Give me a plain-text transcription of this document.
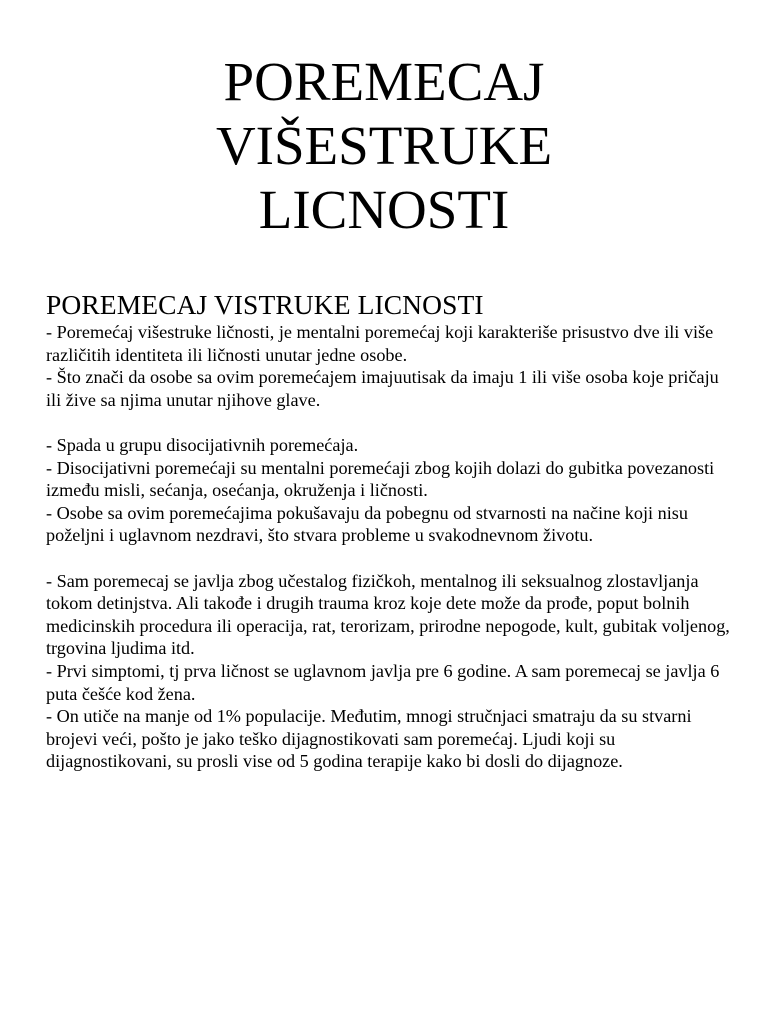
POREMECAJ
VIŠESTRUKE
LICNOSTI
POREMECAJ VISTRUKE LICNOSTI

- Poremećaj višestruke ličnosti, je mentalni poremećaj koji karakteriše prisustvo dve ili više različitih identiteta ili ličnosti unutar jedne osobe.

- Što znači da osobe sa ovim poremećajem imajuutisak da imaju 1 ili više osoba koje pričaju ili žive sa njima unutar njihove glave.

- Spada u grupu disocijativnih poremećaja.

- Disocijativni poremećaji su mentalni poremećaji zbog kojih dolazi do gubitka povezanosti između misli, sećanja, osećanja, okruženja i ličnosti.

- Osobe sa ovim poremećajima pokušavaju da pobegnu od stvarnosti na načine koji nisu poželjni i uglavnom nezdravi, što stvara probleme u svakodnevnom životu.

- Sam poremecaj se javlja zbog učestalog fizičkoh, mentalnog ili seksualnog zlostavljanja tokom detinjstva. Ali takođe i drugih trauma kroz koje dete može da prođe, poput bolnih medicinskih procedura ili operacija, rat, terorizam, prirodne nepogode, kult, gubitak voljenog, trgovina ljudima itd.

- Prvi simptomi, tj prva ličnost se uglavnom javlja pre 6 godine. A sam poremecaj se javlja 6 puta češće kod žena.

- On utiče na manje od 1% populacije. Međutim, mnogi stručnjaci smatraju da su stvarni brojevi veći, pošto je jako teško dijagnostikovati sam poremećaj. Ljudi koji su dijagnostikovani, su prosli vise od 5 godina terapije kako bi dosli do dijagnoze.
